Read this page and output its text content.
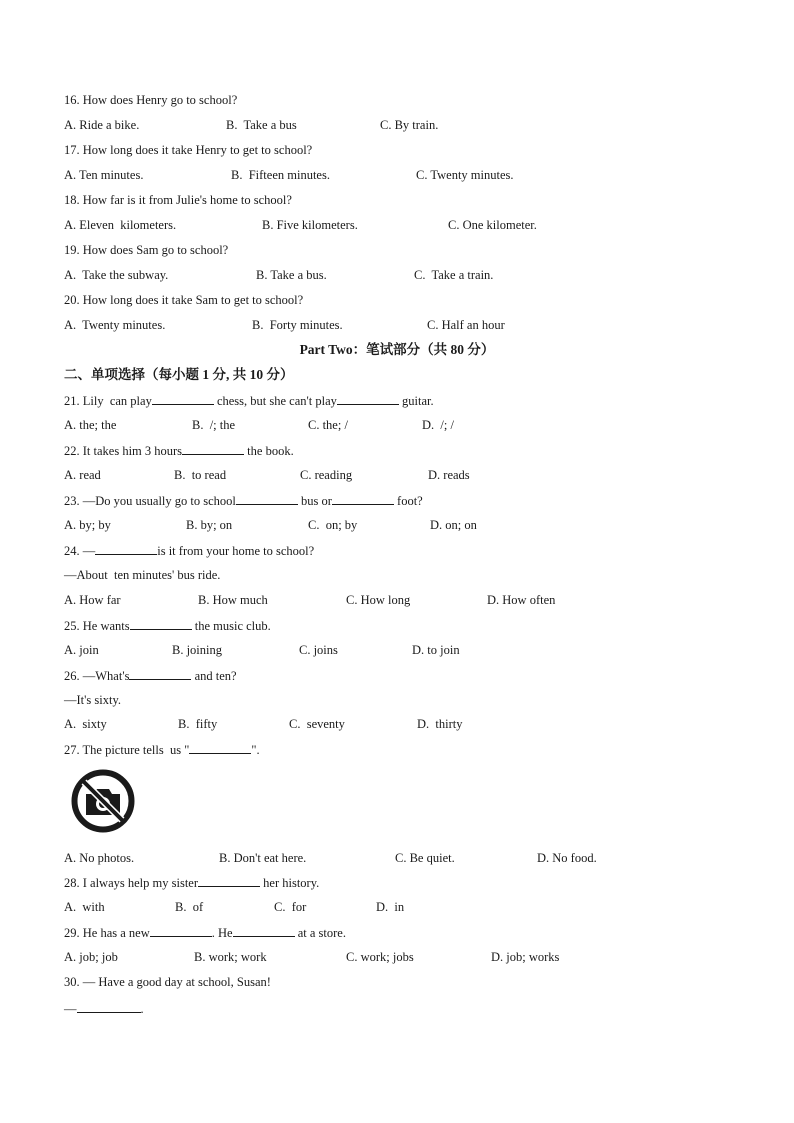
16. How does Henry go to school?
A. Ride a bike.	B.  Take a bus	C. By train.
17. How long does it take Henry to get to school?
A. Ten minutes.	B.  Fifteen minutes.	C. Twenty minutes.
18. How far is it from Julie's home to school?
A. Eleven  kilometers.	B. Five kilometers.	C. One kilometer.
19. How does Sam go to school?
A.  Take the subway.	B. Take a bus.	C.  Take a train.
20. How long does it take Sam to get to school?
A.  Twenty minutes.	B.  Forty minutes.	C. Half an hour
Part Two：笔试部分（共 80 分）
二、单项选择（每小题 1 分, 共 10 分）
21. Lily  can play	chess, but she can't play	guitar.
A. the; the	B.  /; the	C. the; /	D.  /; /
22. It takes him 3 hours	the book.
A. read	B.  to read	C. reading	D. reads
23. —Do you usually go to school	bus or	foot?
A. by; by	B. by; on	C.  on; by	D. on; on
24. —	is it from your home to school?
—About  ten minutes' bus ride.
A. How far	B. How much	C. How long	D. How often
25. He wants	the music club.
A. join	B. joining	C. joins	D. to join
26. —What's	and ten?
—It's sixty.
A.  sixty	B.  fifty	C.  seventy	D.  thirty
27. The picture tells  us "	".
A. No photos.	B. Don't eat here.	C. Be quiet.	D. No food.
28. I always help my sister	her history.
A.  with	B.  of	C.  for	D.  in
29. He has a new	. He	at a store.
A. job; job	B. work; work	C. work; jobs	D. job; works
30. — Have a good day at school, Susan!
—	.
